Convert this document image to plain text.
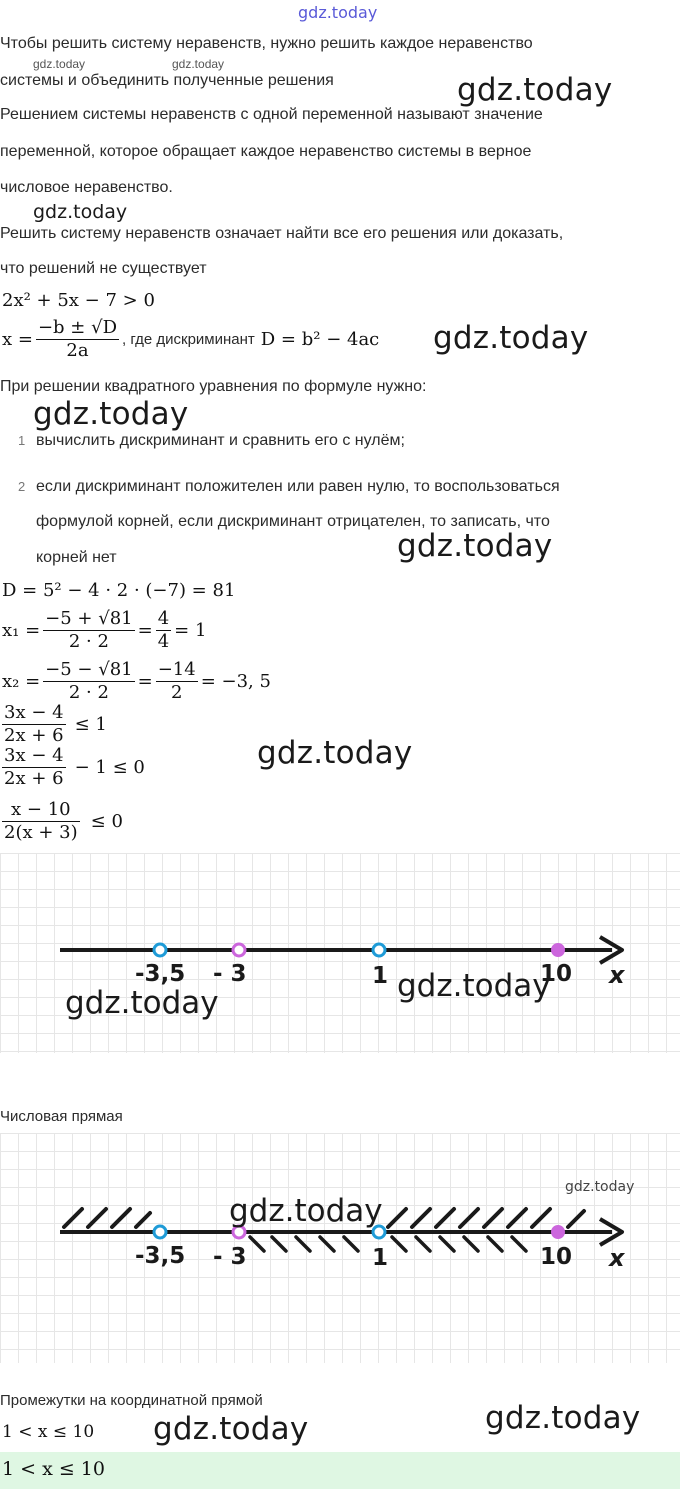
gdz.today
Чтобы решить систему неравенств, нужно решить каждое неравенство
gdz.today	gdz.today
системы и объединить полученные решения	gdz.today
Решением системы неравенств с одной переменной называют значение
переменной, которое обращает каждое неравенство системы в верное
числовое неравенство.
gdz.today
Решить систему неравенств означает найти все его решения или доказать,
что решений не существует
2x² + 5x − 7 > 0
$x = \frac{-b \pm √D}{2a}$ , где дискриминант D = b² − 4ac gdz.today
При решении квадратного уравнения по формуле нужно:
gdz.today
1 вычислить дискриминант и сравнить его с нулём;
2 если дискриминант положителен или равен нулю, то воспользоваться
формулой корней, если дискриминант отрицателен, то записать, что
корней нет	gdz.today
D = 5² − 4 · 2 · (−7) = 81
$x_1 = \frac{-5 + √81}{2 \cdot 2} = \frac{4}{4} = 1$
$x_2 = \frac{-5 - √81}{2 \cdot 2} = \frac{-14}{2} = -3$, 5
$\frac{3x - 4}{2x + 6} \le 1$
gdz.today
$\frac{3x - 4}{2x + 6} - 1 \le 0$
$\frac{x - 10}{2(x + 3)} \le 0$
-3,5 - 3	1	10 x
gdz.today
gdz.today
Числовая прямая
-3,5 - 3	1	10 x
gdz.today
gdz.today
Промежутки на координатной прямой
1 < x ≤ 10 gdz.today	gdz.today
1 < x ≤ 10
